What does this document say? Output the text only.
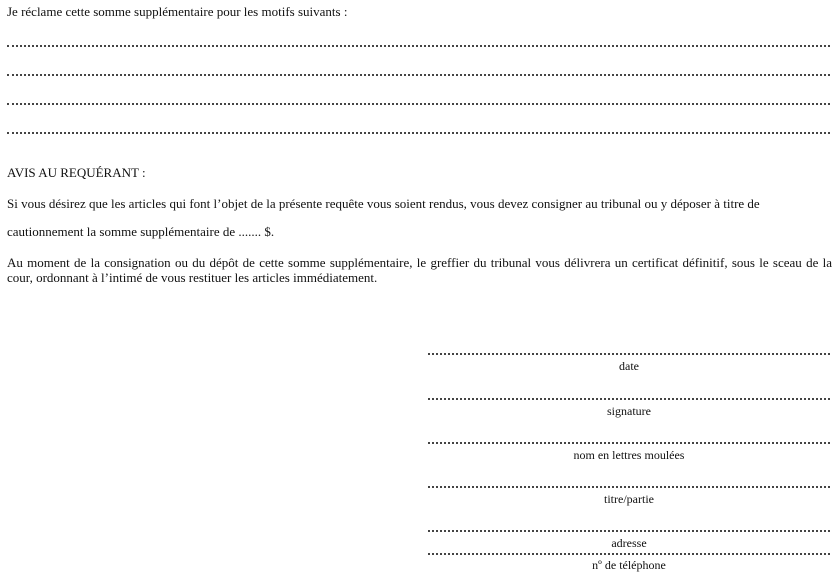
Je réclame cette somme supplémentaire pour les motifs suivants :
AVIS AU REQUÉRANT :
Si vous désirez que les articles qui font l’objet de la présente requête vous soient rendus, vous devez consigner au tribunal ou y déposer à titre de
cautionnement la somme supplémentaire de ....... $.
Au moment de la consignation ou du dépôt de cette somme supplémentaire, le greffier du tribunal vous délivrera un certificat définitif, sous le sceau de la cour, ordonnant à l’intimé de vous restituer les articles immédiatement.
date
signature
nom en lettres moulées
titre/partie
adresse
nº de téléphone
